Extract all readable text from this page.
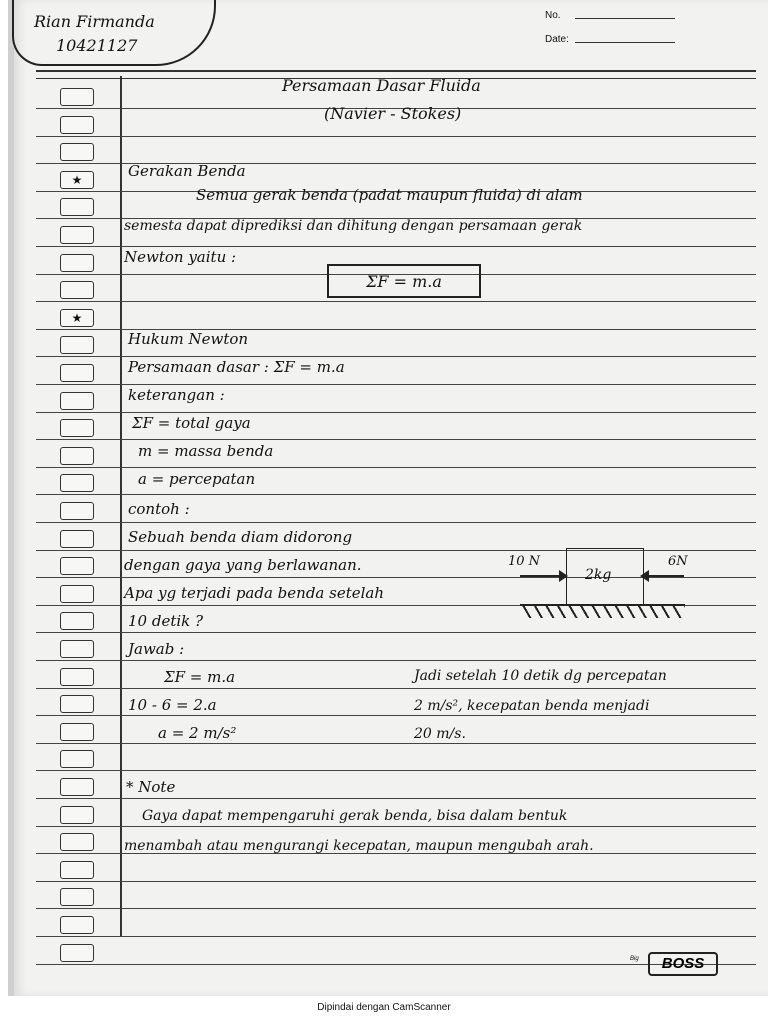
Rian Firmanda
10421127
No.
Date:
★
★
Persamaan Dasar Fluida
(Navier - Stokes)
Gerakan Benda
Semua gerak benda (padat maupun fluida) di alam
semesta dapat diprediksi dan dihitung dengan persamaan gerak
Newton yaitu :
ΣF = m.a
Hukum Newton
Persamaan dasar : ΣF = m.a
keterangan :
ΣF = total gaya
m = massa benda
a = percepatan
contoh :
Sebuah benda diam didorong
dengan gaya yang berlawanan.
Apa yg terjadi pada benda setelah
10 detik ?
10 N	6N
2kg
Jawab :
ΣF = m.a
10 - 6 = 2.a
a = 2 m/s²
Jadi setelah 10 detik dg percepatan
2 m/s², kecepatan benda menjadi
20 m/s.
* Note
Gaya dapat mempengaruhi gerak benda, bisa dalam bentuk
menambah atau mengurangi kecepatan, maupun mengubah arah.
Big	BOSS
Dipindai dengan CamScanner
